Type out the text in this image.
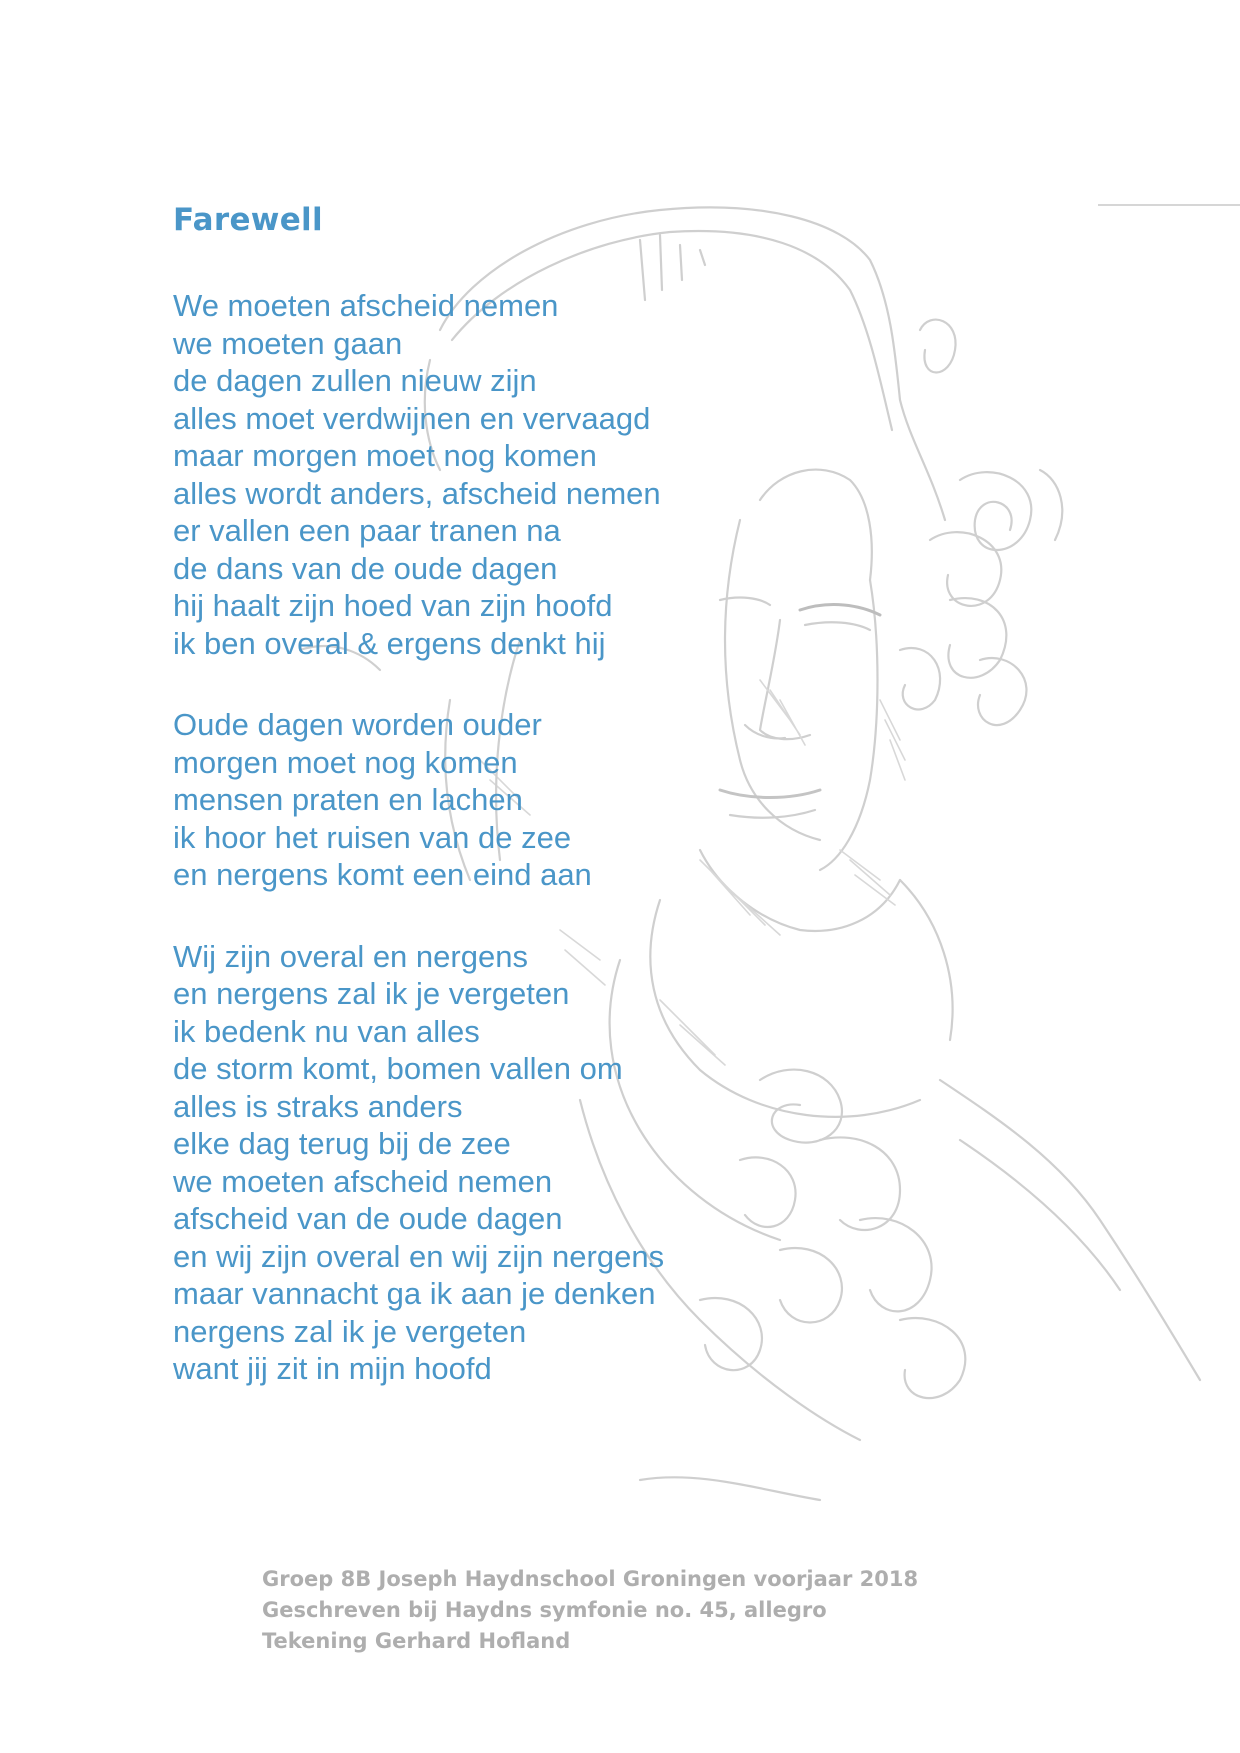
Farewell
We moeten afscheid nemen
we moeten gaan
de dagen zullen nieuw zijn
alles moet verdwijnen en vervaagd
maar morgen moet nog komen
alles wordt anders, afscheid nemen
er vallen een paar tranen na
de dans van de oude dagen
hij haalt zijn hoed van zijn hoofd
ik ben overal & ergens denkt hij
Oude dagen worden ouder
morgen moet nog komen
mensen praten en lachen
ik hoor het ruisen van de zee
en nergens komt een eind aan
Wij zijn overal en nergens
en nergens zal ik je vergeten
ik bedenk nu van alles
de storm komt, bomen vallen om
alles is straks anders
elke dag terug bij de zee
we moeten afscheid nemen
afscheid van de oude dagen
en wij zijn overal en wij zijn nergens
maar vannacht ga ik aan je denken
nergens zal ik je vergeten
want jij zit in mijn hoofd
Groep 8B Joseph Haydnschool Groningen voorjaar 2018
Geschreven bij Haydns symfonie no. 45, allegro
Tekening Gerhard Hofland
